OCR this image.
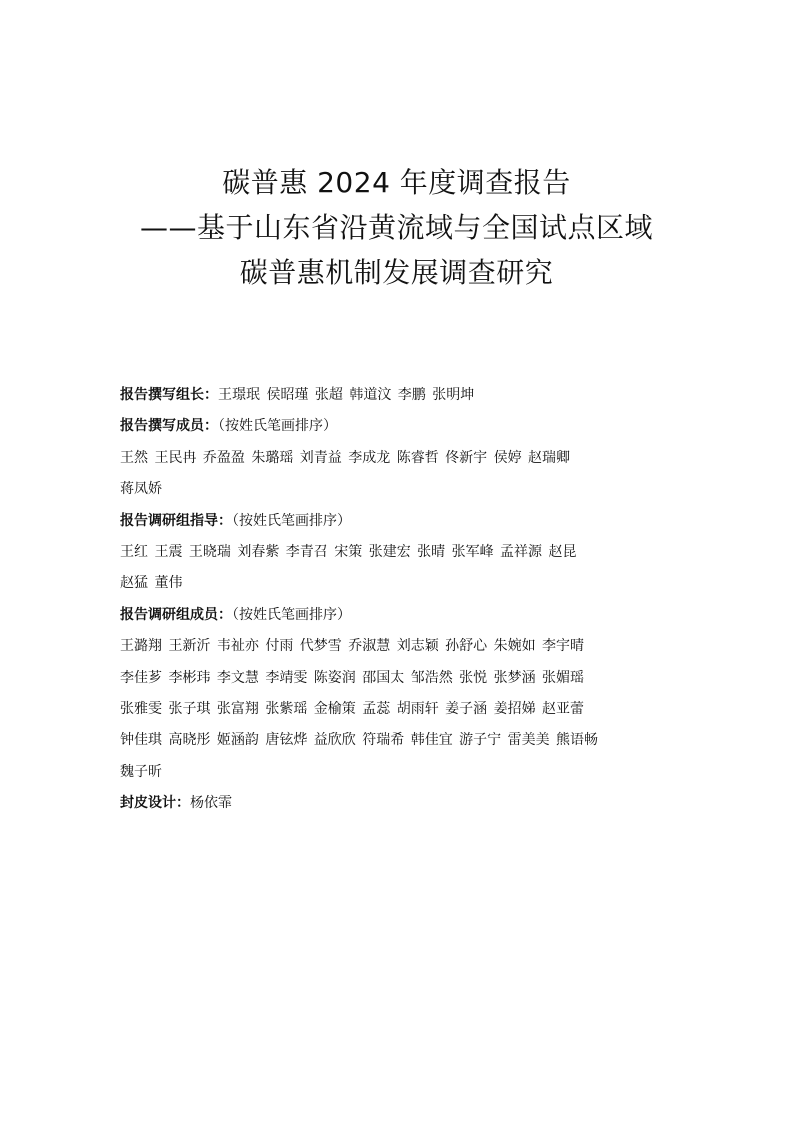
碳普惠 2024 年度调查报告
——基于山东省沿黄流域与全国试点区域
碳普惠机制发展调查研究
报告撰写组长：王璟珉 侯昭瑾 张超 韩道汶 李鹏 张明坤
报告撰写成员：（按姓氏笔画排序）
王然 王民冉 乔盈盈 朱璐瑶 刘青益 李成龙 陈睿哲 佟新宇 侯婷 赵瑞卿
蒋凤娇
报告调研组指导：（按姓氏笔画排序）
王红 王震 王晓瑞 刘春紫 李青召 宋策 张建宏 张晴 张军峰 孟祥源 赵昆
赵猛 董伟
报告调研组成员：（按姓氏笔画排序）
王潞翔 王新沂 韦祉亦 付雨 代梦雪 乔淑慧 刘志颖 孙舒心 朱婉如 李宇晴
李佳芗 李彬玮 李文慧 李靖雯 陈姿润 邵国太 邹浩然 张悦 张梦涵 张媚瑶
张雅雯 张子琪 张富翔 张紫瑶 金榆策 孟蕊 胡雨轩 姜子涵 姜招娣 赵亚蕾
钟佳琪 高晓彤 姬涵韵 唐铉烨 益欣欣 符瑞希 韩佳宜 游子宁 雷美美 熊语畅
魏子昕
封皮设计：杨依霏
